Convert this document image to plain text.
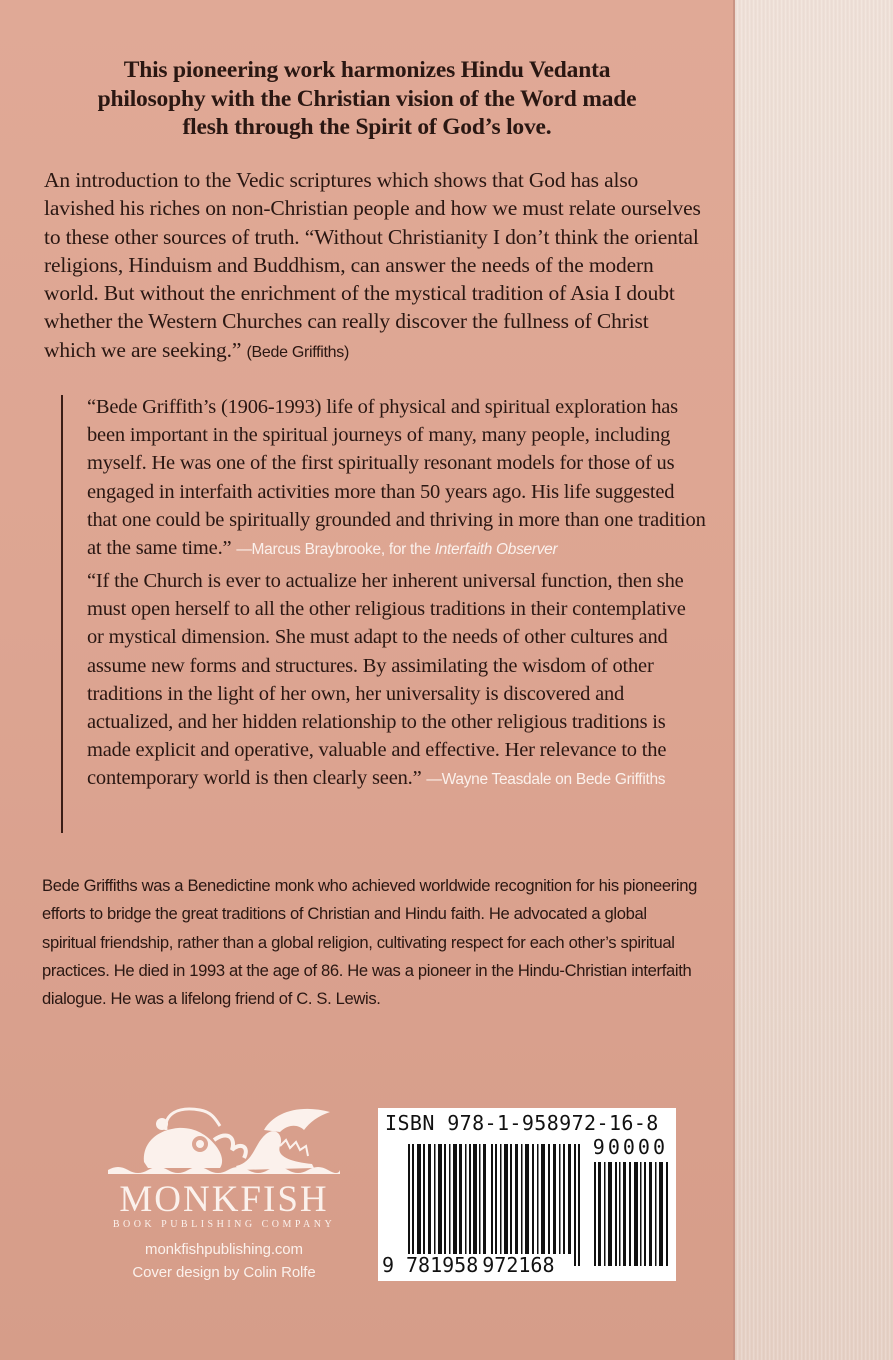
This pioneering work harmonizes Hindu Vedanta
philosophy with the Christian vision of the Word made
flesh through the Spirit of God’s love.
An introduction to the Vedic scriptures which shows that God has also lavished his riches on non-Christian people and how we must relate ourselves to these other sources of truth. “Without Christianity I don’t think the oriental religions, Hinduism and Buddhism, can answer the needs of the modern world. But without the enrichment of the mystical tradition of Asia I doubt whether the Western Churches can really discover the fullness of Christ which we are seeking.” (Bede Griffiths)
“Bede Griffith’s (1906-1993) life of physical and spiritual exploration has been important in the spiritual journeys of many, many people, including myself. He was one of the first spiritually resonant models for those of us engaged in interfaith activities more than 50 years ago. His life suggested that one could be spiritually grounded and thriving in more than one tradition at the same time.” —Marcus Braybrooke, for the Interfaith Observer
“If the Church is ever to actualize her inherent universal function, then she must open herself to all the other religious traditions in their contemplative or mystical dimension. She must adapt to the needs of other cultures and assume new forms and structures. By assimilating the wisdom of other traditions in the light of her own, her universality is discovered and actualized, and her hidden relationship to the other religious traditions is made explicit and operative, valuable and effective. Her relevance to the contemporary world is then clearly seen.” —Wayne Teasdale on Bede Griffiths
Bede Griffiths was a Benedictine monk who achieved worldwide recognition for his pioneering efforts to bridge the great traditions of Christian and Hindu faith. He advocated a global spiritual friendship, rather than a global religion, cultivating respect for each other’s spiritual practices. He died in 1993 at the age of 86. He was a pioneer in the Hindu-Christian interfaith dialogue. He was a lifelong friend of C. S. Lewis.
MONKFISH
BOOK PUBLISHING COMPANY
monkfishpublishing.com
Cover design by Colin Rolfe
ISBN 978-1-958972-16-8
90000
9 781958 972168
